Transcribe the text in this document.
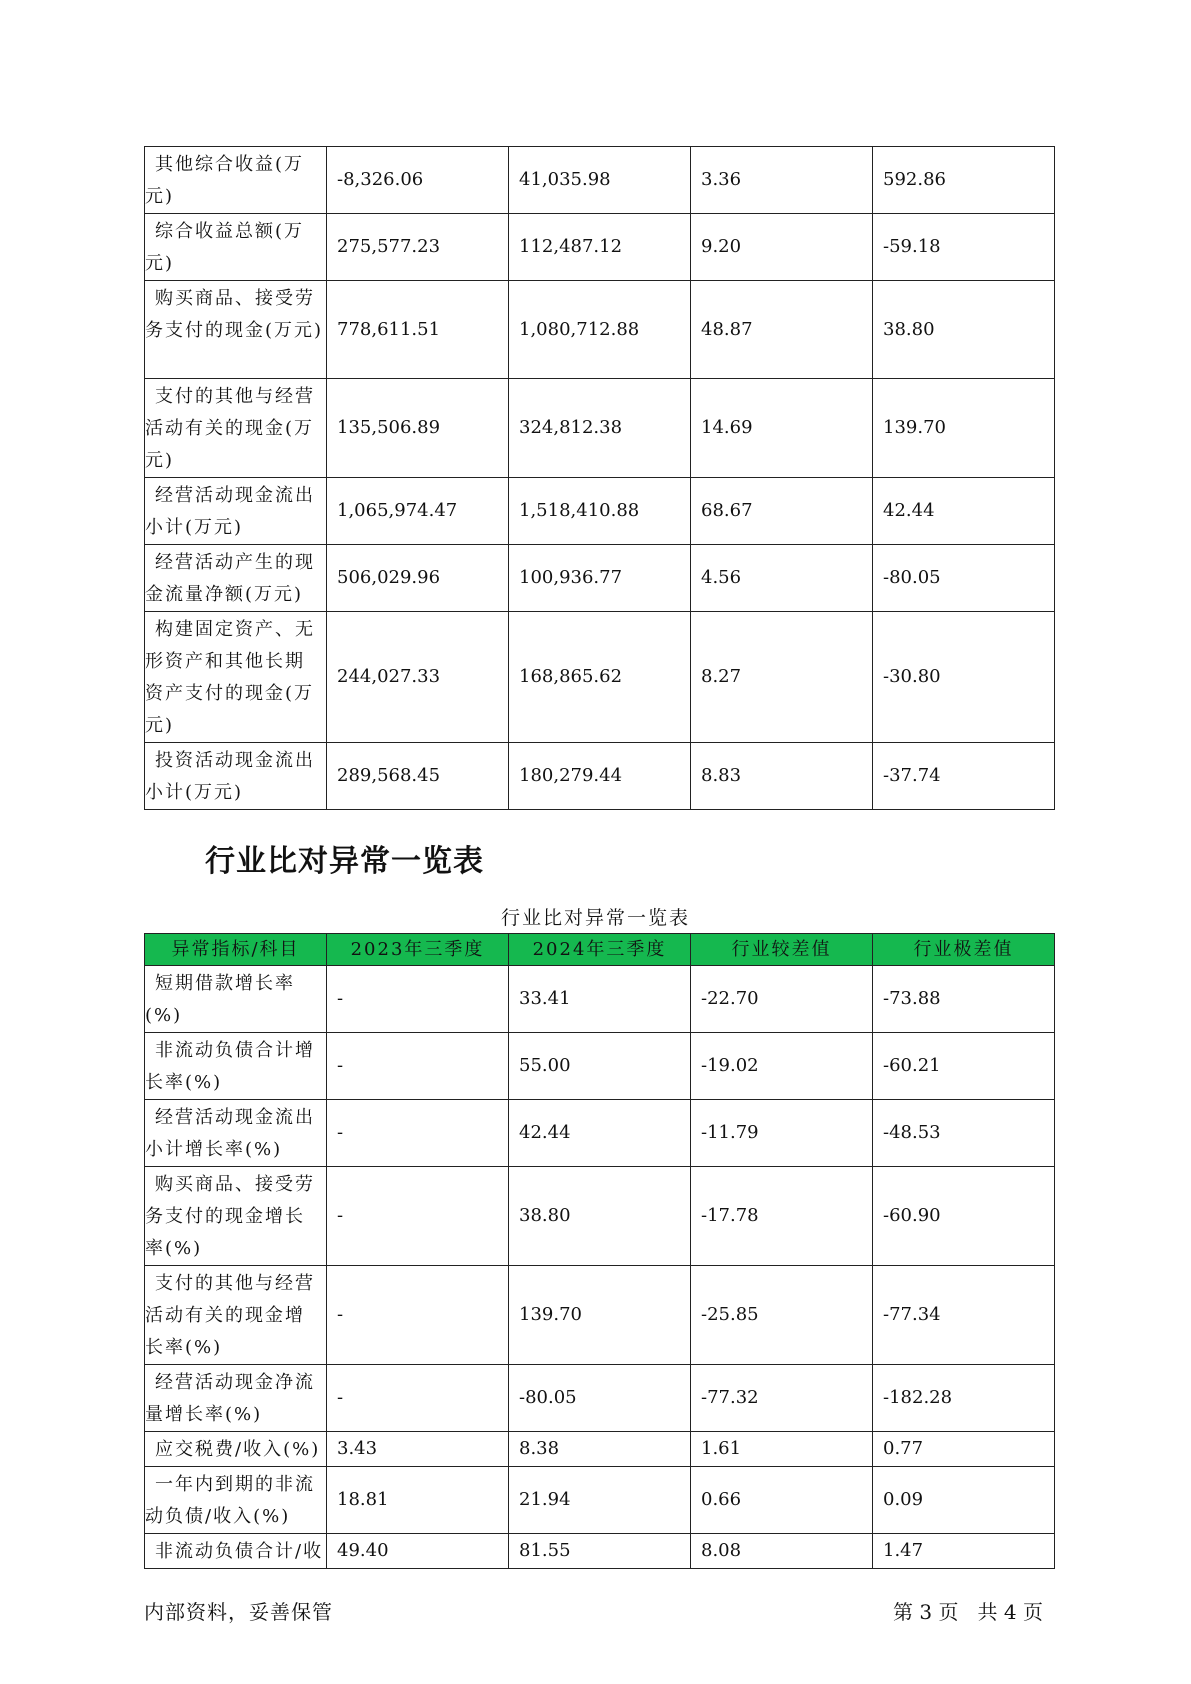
其他综合收益(万元)	-8,326.06	41,035.98	3.36	592.86
综合收益总额(万元)	275,577.23	112,487.12	9.20	-59.18
购买商品、接受劳务支付的现金(万元)	778,611.51	1,080,712.88	48.87	38.80
支付的其他与经营活动有关的现金(万元)	135,506.89	324,812.38	14.69	139.70
经营活动现金流出小计(万元)	1,065,974.47	1,518,410.88	68.67	42.44
经营活动产生的现金流量净额(万元)	506,029.96	100,936.77	4.56	-80.05
构建固定资产、无形资产和其他长期资产支付的现金(万元)	244,027.33	168,865.62	8.27	-30.80
投资活动现金流出小计(万元)	289,568.45	180,279.44	8.83	-37.74
行业比对异常一览表
行业比对异常一览表
异常指标/科目	2023年三季度	2024年三季度	行业较差值	行业极差值
短期借款增长率(%)	-	33.41	-22.70	-73.88
非流动负债合计增长率(%)	-	55.00	-19.02	-60.21
经营活动现金流出小计增长率(%)	-	42.44	-11.79	-48.53
购买商品、接受劳务支付的现金增长率(%)	-	38.80	-17.78	-60.90
支付的其他与经营活动有关的现金增长率(%)	-	139.70	-25.85	-77.34
经营活动现金净流量增长率(%)	-	-80.05	-77.32	-182.28
应交税费/收入(%)	3.43	8.38	1.61	0.77
一年内到期的非流动负债/收入(%)	18.81	21.94	0.66	0.09
非流动负债合计/收	49.40	81.55	8.08	1.47
内部资料，妥善保管	第 3 页   共 4 页
